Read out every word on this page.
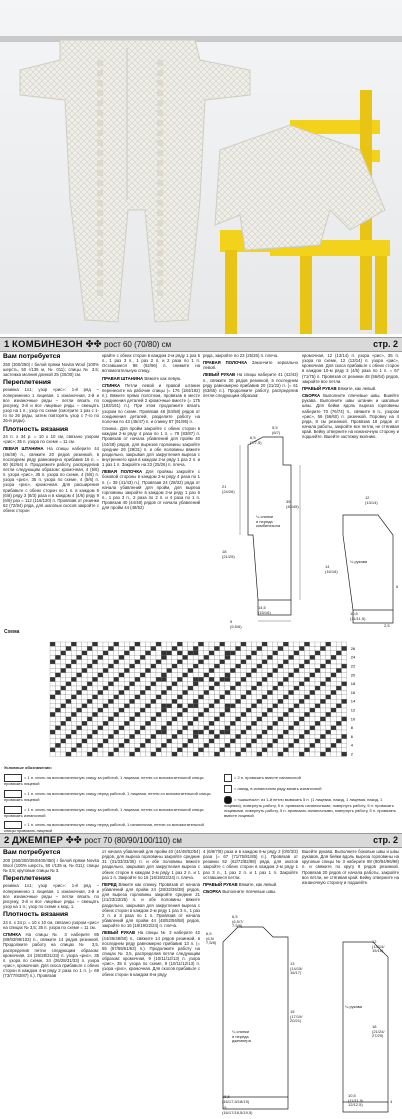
1 КОМБИНЕЗОН ✤✤ рост 60 (70/80) см	стр. 2
Вам потребуется

250 (300/350) г белой пряжи Novita Wool (100% шерсть, 50 г/135 м, № 011); спицы № 3,5; застежка молния длиной 25 (30/30) см.

Переплетения

резинка 1x1; узор «рис»: 1-й ряд – попеременно 1 лицевая, 1 изнаночная, 2-й и все изнаночные ряды – петли вязать по рисунку, 3-й и все лицевые ряды – смещать узор на 1 п.; узор по схеме (смотрите 1 раз с 1-го по 26 ряды, затем повторять узор с 7-го по 26-й ряды).

Плотность вязания

24 п. x 34 р. = 10 x 10 см, связано узором «рис»; 35 п. узора по схеме = 11 см.

ЛЕВАЯ ШТАНИНА На спицы наберите 44 (46/48) п., свяжите 20 рядов резинкой, в последнем ряду равномерно прибавив 16 п. = 60 (62/64) п. Продолжите работу, распределив петли следующим образом: кромочная, 4 (5/6) п. узора «рис», 35 п. узора по схеме, 4 (5/6) п. узора «рис», 35 п. узора по схеме, 4 (5/6) п. узора «рис», кромочная. Для расширения прибавьте с обеих сторон по 1 п. в каждом 6 (6/8) ряду 3 (8/3) раза и в каждом 4 (4/6) ряду 9 (6/9) раз = 112 (116/120) п. Провязав от резинки 62 (72/84) ряда, для шаговых скосов закройте с обеих сторон

крайте с обеих сторон в каждом 2-м ряду 1 раз 5 п., 1 раз 3 п., 1 раз 2 п. и 2 раза по 1 п. Оставшиеся 88 (92/96) п. снимите на вспомогательную спицу.

ПРАВАЯ ШТАНИНА Вяжите как левую.

СПИНКА Петли левой и правой штанин перенесите на рабочие спицы (= 176 (184/192) п.). Вяжите прямо полотном, провязав в месте соединения деталей 2 кромочные вместе (= 175 (183/191) п.). При этом продолжите вязать узором по схеме. Провязав 48 (54/58) рядов от соединения деталей, разделите работу на полочки по 43 (45/47) п. и спинку 87 (91/95) п.

Спинка. Для пройм закройте с обеих сторон в каждом 2-м ряду 4 раза по 1 п. = 79 (83/87) п. Провязав от начала убавлений для пройм 40 (44/48) рядов, для вырезов горловины закройте средние 29 (29/31) п. и обе половины вяжите раздельно, закрывая для закругления выреза с внутреннего края в каждом 2-м ряду 1 раз 2 п. и 1 раз 1 п. Закройте на 23 (25/26) п. плеча.

ЛЕВАЯ ПОЛОЧКА Для проймы закройте с боковой стороны в каждом 2-м ряду 4 раза по 1 п. (= 39 (41/43) п.). Провязав 24 (28/32) ряда от начала убавлений для пройм, для выреза горловины закройте в каждом 2-м ряду 1 раз 6 п., 1 раз 3 п., 2 раза по 2 п. и 4 раза по 1 п. Провязав 40 (44/48) рядов от начала убавлений для пройм 44 (48/52)

ряда, закройте по 23 (25/26) п. плеча.

ПРАВАЯ ПОЛОЧКА Закончите зеркально левой.

ЛЕВЫЙ РУКАВ На спицы наберите 41 (42/43) п., свяжите 20 рядов резинкой, в последнем ряду равномерно прибавив 20 (21/22) п. (= 61 (63/65) п.). Продолжите работу, распределив петли следующим образом:

кромочная, 12 (13/14) п. узора «рис», 35 п. узора по схеме, 12 (13/14) п. узора «рис», кромочная. Для скоса прибавьте с обеих сторон в каждом 10-м ряду 3 (4/5) раза по 1 п. = 67 (71/75) п. Провязав от резинки 48 (56/64) рядов, закройте все петли.

ПРАВЫЙ РУКАВ Вяжите, как левый.

СБОРКА Выполните плечевые швы. Вшейте рукава. Выполните швы штанин и шаговые швы. Для бейки вдоль выреза горловины наберите 70 (76/74) п., свяжите 6 п., узором «рис», 56 (56/60) п. резинкой. Поровну на 4 ряда, 8 см резинкой. Провязав 18 рядов от начала работы, закройте все петли, не стягивая край. Бейку отверните на изнаночную сторону и подшейте. Вшейте застежку молнию.

5,5
(6/7)
6,5
(7/7,5)
21
(24/26)
35
(40/45)
18
(21/25)
14,5
(15/16)
5
(5,5/6)
¼ спинки
и переда
комбинезона
12
(13/14)
¼ рукава
14
(16/18)
10,5
(11/11,5)
6
2,5
Схема
2
4
6
8
10
12
14
16
18
20
22
24
26
Условные обозначения:
= 1 п. снять на вспомогательную спицу за работой, 1 лицевая, петлю со вспомогательной спицы провязать лицевой
= 1 п. снять на вспомогательную спицу перед работой, 1 лицевая, петлю со вспомогательной спицы провязать лицевой
= 1 п. снять на вспомогательную спицу за работой, 1 лицевая, петлю со вспомогательной спицы провязать изнаночной
= 1 п. снять на вспомогательную спицу перед работой, 1 изнаночная, петлю со вспомогательной спицы провязать лицевой
= 2 п. провязать вместе изнаночной
= накид, в изнаночном ряду вязать изнаночной
= «шишечка»: из 1-й петли вывязать 5 п. (1 лицевая, накид, 1 лицевая, накид, 1 лицевая), повернуть работу, 5 п. провязать изнаночными, повернуть работу, 5 п. провязать лицевыми, повернуть работу, 5 п. провязать изнаночными, повернуть работу, 5 п. провязать вместе лицевой
2 ДЖЕМПЕР ✤✤ рост 70 (80/90/100/110) см	стр. 2
Вам потребуется

200 (250/300/350/400/450) г белой пряжи Novita Wool (100% шерсть, 50 г/135 м, № 011); спицы № 3,5; круговые спицы № 3.

Переплетения

резинка 1x1; узор «рис»: 1-й ряд – попеременно 1 лицевая, 1 изнаночная, 2-й и все изнаночные ряды – петли вязать по рисунку, 3-й и все лицевые ряды – смещать узор на 1 п.; узор по схеме к мод. 1.

Плотность вязания

24 п. x 34 р. = 10 x 10 см, связано узором «рис» на спицах № 3,5; 35 п. узора по схеме = 11 см.

СПИНКА На спицы № 3 наберите 85 (89/93/99/103) п., свяжите 14 рядов резинкой. Продолжите работу на спицах № 3,5, распределив петли следующим образом: кромочная, 24 (26/28/31/33) п. узора «рис», 35 п. узора по схеме, 24 (26/28/31/33) п. узора «рис», кромочная. Для скоса прибавьте с обеих сторон в каждом 4-м ряду 2 раза по 1 п. (= 69 (73/77/83/87) п.). Провязав

от начала убавлений для пройм 40 (44/48/52/54) рядов, для выреза горловины закройте средние 31 (31/33/33/35) п. и обе половины вяжите раздельно, закрывая для закругления выреза с обеих сторон в каждом 2-м ряду 1 раз 2 п. и 1 раз 1 п. Закройте по 16 (16/19/22/24) п. плеча.

ПЕРЕД Вяжите как спинку. Провязав от начала убавлений для пройм 24 (28/32/36/38) рядов, для выреза горловины закройте средние 21 (21/23/23/25) п. и обе половины вяжите раздельно, закрывая для закругления выреза с обеих сторон в каждом 2-м ряду 1 раз 3 п., 1 раз 2 п. и 3 раза по 1 п. Провязав от начала убавлений для пройм 44 (48/52/56/58) рядов, закройте по 16 (18/19/22/24) п. плеча.

ЛЕВЫЙ РУКАВ На спицы № 3 наберите 42 (44/46/48/50) п., свяжите 14 рядов резинкой, в последнем ряду равномерно прибавив 13 п. (= 55 (57/59/61/63) п.). Продолжите работу на спицах № 3,5, распределив петли следующим образом: кромочная, 9 (10/11/12/13) п. узора «рис», 35 п. узора по схеме, 9 (10/11/12/13) п. узора «рис», кромочная. Для скосов прибавьте с обеих сторон в каждом 8-м ряду

4 (6/8/7/8) раза и в каждом 6-м ряду 2 (0/0/3/3) раза (= 67 (71/75/81/85) п.). Провязав от резинки 52 (62/72/82/88) ряда, для окатов закройте с обеих сторон в каждом 2-м ряду 1 раз 3 п., 1 раз 2 п. и 1 раз 1 п. Закройте оставшиеся петли.

ПРАВЫЙ РУКАВ Вяжите, как левый.

СБОРКА Выполните плечевые швы.

Вшейте рукава. Выполните боковые швы и швы рукавов. Для бейки вдоль выреза горловины на круговые спицы № 3 наберите 88 (90/94/96/98) п. и свяжите по кругу 8 рядов резинкой. Провязав 20 рядов от начала работы, закройте все петли, не стягивая край. Бейку отверните на изнаночную сторону и подшейте.

6,5
(6,5/7/
7,5/8)
6,5
(6,5/
7,5/8)
13
(14/15/
16/17)
15
(17/19/
20/21)
¼ спинки
и переда
джемпера
15,5
(16/17,5/18/19)
15
(16/17/18,5/19,5)
12
(13/14/
15/16)
18
(21/24/
27/29)
¼ рукава
10,5
(11/11,5/
12/12,5)
4
